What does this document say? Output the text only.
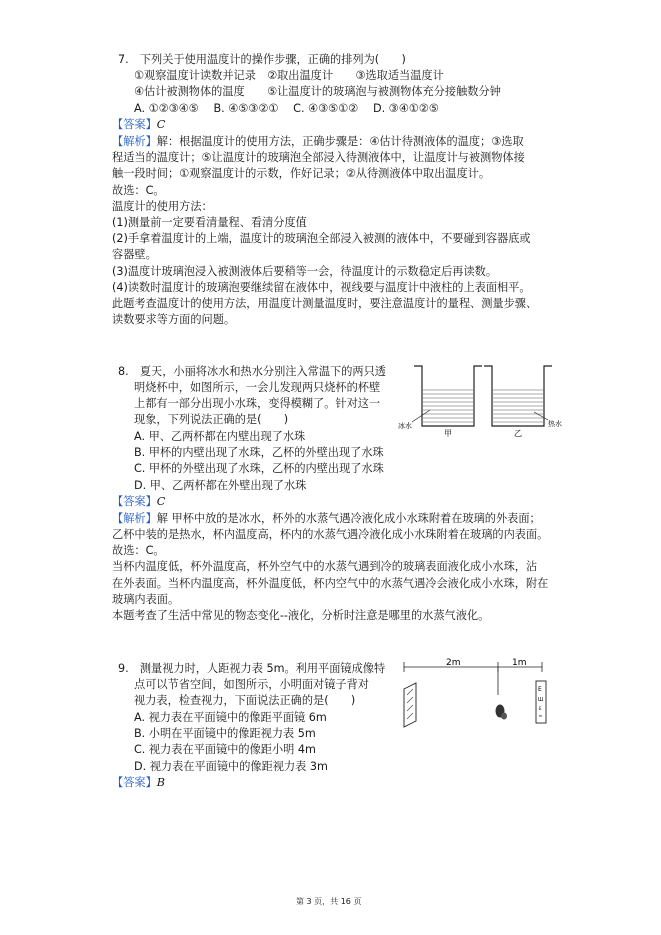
7.　下列关于使用温度计的操作步骤，正确的排列为(　　)
①观察温度计读数并记录　②取出温度计　　③选取适当温度计
④估计被测物体的温度　　⑤让温度计的玻璃泡与被测物体充分接触数分钟
A. ①②③④⑤　 B. ④⑤③②①　 C. ④③⑤①②　 D. ③④①②⑤
【答案】C
【解析】解：根据温度计的使用方法，正确步骤是：④估计待测液体的温度；③选取
程适当的温度计；⑤让温度计的玻璃泡全部浸入待测液体中，让温度计与被测物体接
触一段时间；①观察温度计的示数，作好记录；②从待测液体中取出温度计。
故选：C。
温度计的使用方法：
(1)测量前一定要看清量程、看清分度值
(2)手拿着温度计的上端，温度计的玻璃泡全部浸入被测的液体中，不要碰到容器底或
容器壁。
(3)温度计玻璃泡浸入被测液体后要稍等一会，待温度计的示数稳定后再读数。
(4)读数时温度计的玻璃泡要继续留在液体中，视线要与温度计中液柱的上表面相平。
此题考查温度计的使用方法，用温度计测量温度时，要注意温度计的量程、测量步骤、
读数要求等方面的问题。
8.　夏天，小丽将冰水和热水分别注入常温下的两只透
明烧杯中，如图所示，一会儿发现两只烧杯的杯壁
上都有一部分出现小水珠，变得模糊了。针对这一
现象，下列说法正确的是(　　)
A. 甲、乙两杯都在内壁出现了水珠
B. 甲杯的内壁出现了水珠，乙杯的外壁出现了水珠
C. 甲杯的外壁出现了水珠，乙杯的内壁出现了水珠
D. 甲、乙两杯都在外壁出现了水珠
冰水
甲	乙
热水
【答案】C
【解析】解 甲杯中放的是冰水，杯外的水蒸气遇冷液化成小水珠附着在玻璃的外表面；
乙杯中装的是热水，杯内温度高，杯内的水蒸气遇冷液化成小水珠附着在玻璃的内表面。
故选：C。
当杯内温度低，杯外温度高，杯外空气中的水蒸气遇到冷的玻璃表面液化成小水珠，沾
在外表面。当杯内温度高，杯外温度低，杯内空气中的水蒸气遇冷会液化成小水珠，附在
玻璃内表面。
本题考查了生活中常见的物态变化--液化，分析时注意是哪里的水蒸气液化。
9.　测量视力时，人距视力表 5m。利用平面镜成像特
点可以节省空间，如图所示，小明面对镜子背对
视力表，检查视力，下面说法正确的是(　　)
A. 视力表在平面镜中的像距平面镜 6m
B. 小明在平面镜中的像距视力表 5m
C. 视力表在平面镜中的像距小明 4m
D. 视力表在平面镜中的像距视力表 3m
2m	1m
E
Ш
E
m
【答案】B
第 3 页，共 16 页
